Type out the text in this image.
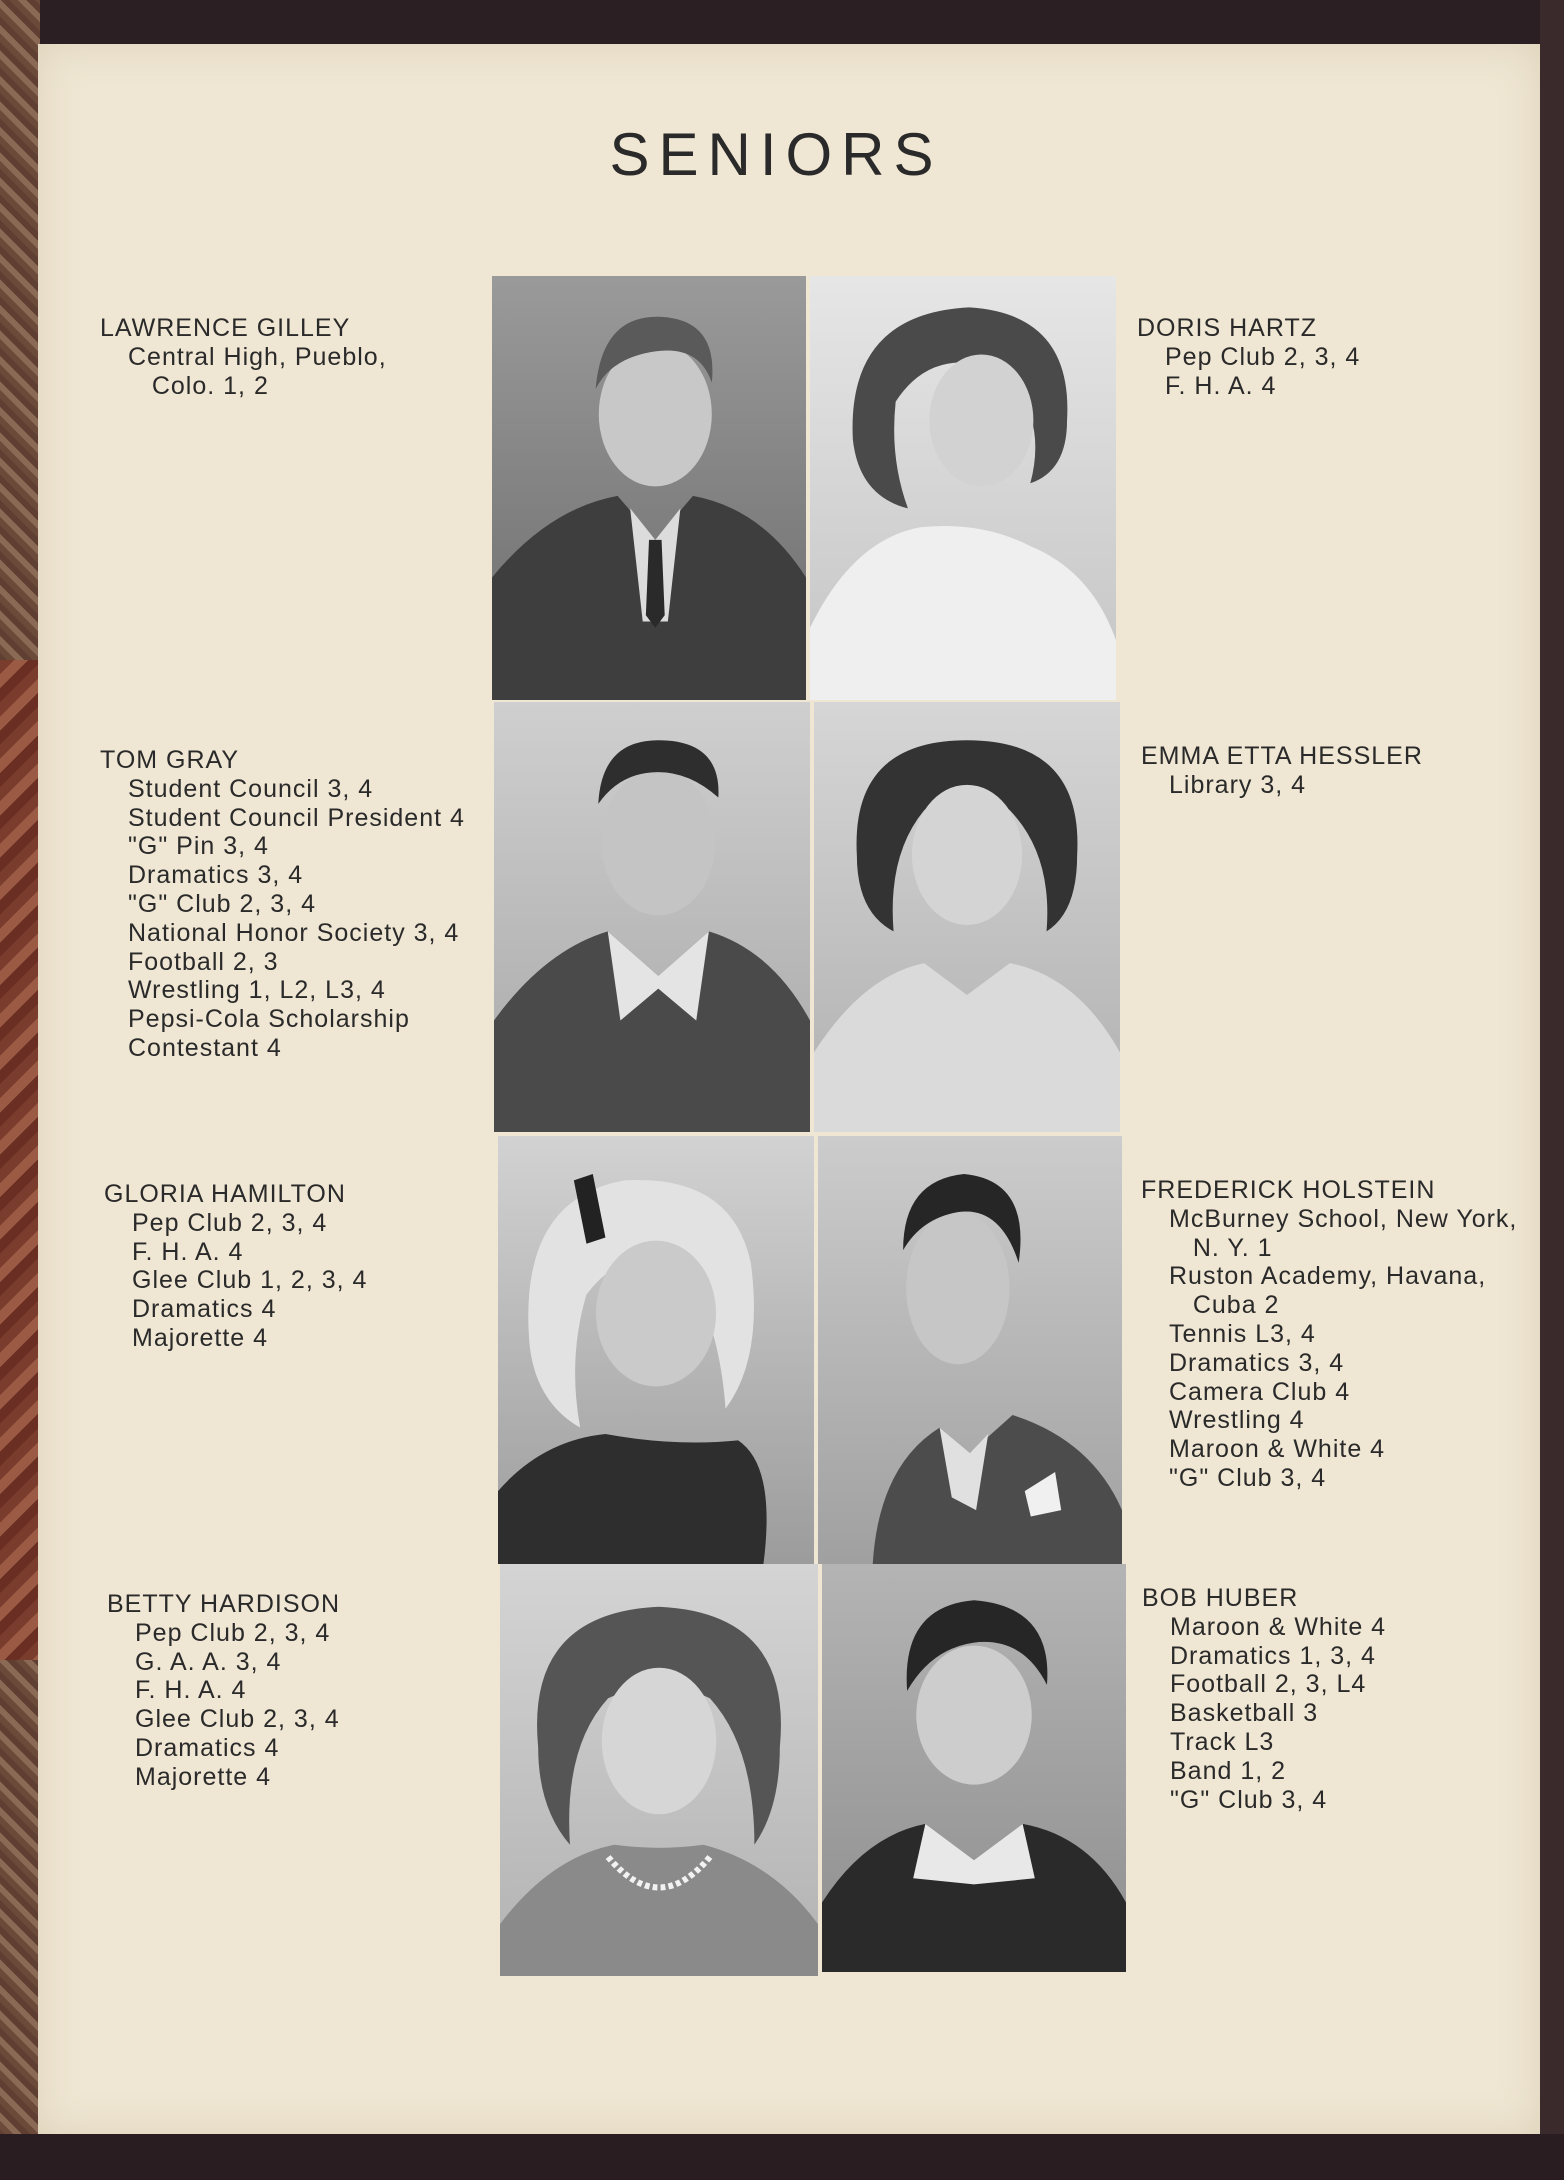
SENIORS
LAWRENCE GILLEY
Central High, Pueblo,
Colo. 1, 2
TOM GRAY
Student Council 3, 4
Student Council President 4
"G" Pin 3, 4
Dramatics 3, 4
"G" Club 2, 3, 4
National Honor Society 3, 4
Football 2, 3
Wrestling 1, L2, L3, 4
Pepsi-Cola Scholarship
Contestant 4
GLORIA HAMILTON
Pep Club 2, 3, 4
F. H. A. 4
Glee Club 1, 2, 3, 4
Dramatics 4
Majorette 4
BETTY HARDISON
Pep Club 2, 3, 4
G. A. A. 3, 4
F. H. A. 4
Glee Club 2, 3, 4
Dramatics 4
Majorette 4
DORIS HARTZ
Pep Club 2, 3, 4
F. H. A. 4
EMMA ETTA HESSLER
Library 3, 4
FREDERICK HOLSTEIN
McBurney School, New York,
N. Y. 1
Ruston Academy, Havana,
Cuba 2
Tennis L3, 4
Dramatics 3, 4
Camera Club 4
Wrestling 4
Maroon & White 4
"G" Club 3, 4
BOB HUBER
Maroon & White 4
Dramatics 1, 3, 4
Football 2, 3, L4
Basketball 3
Track L3
Band 1, 2
"G" Club 3, 4
